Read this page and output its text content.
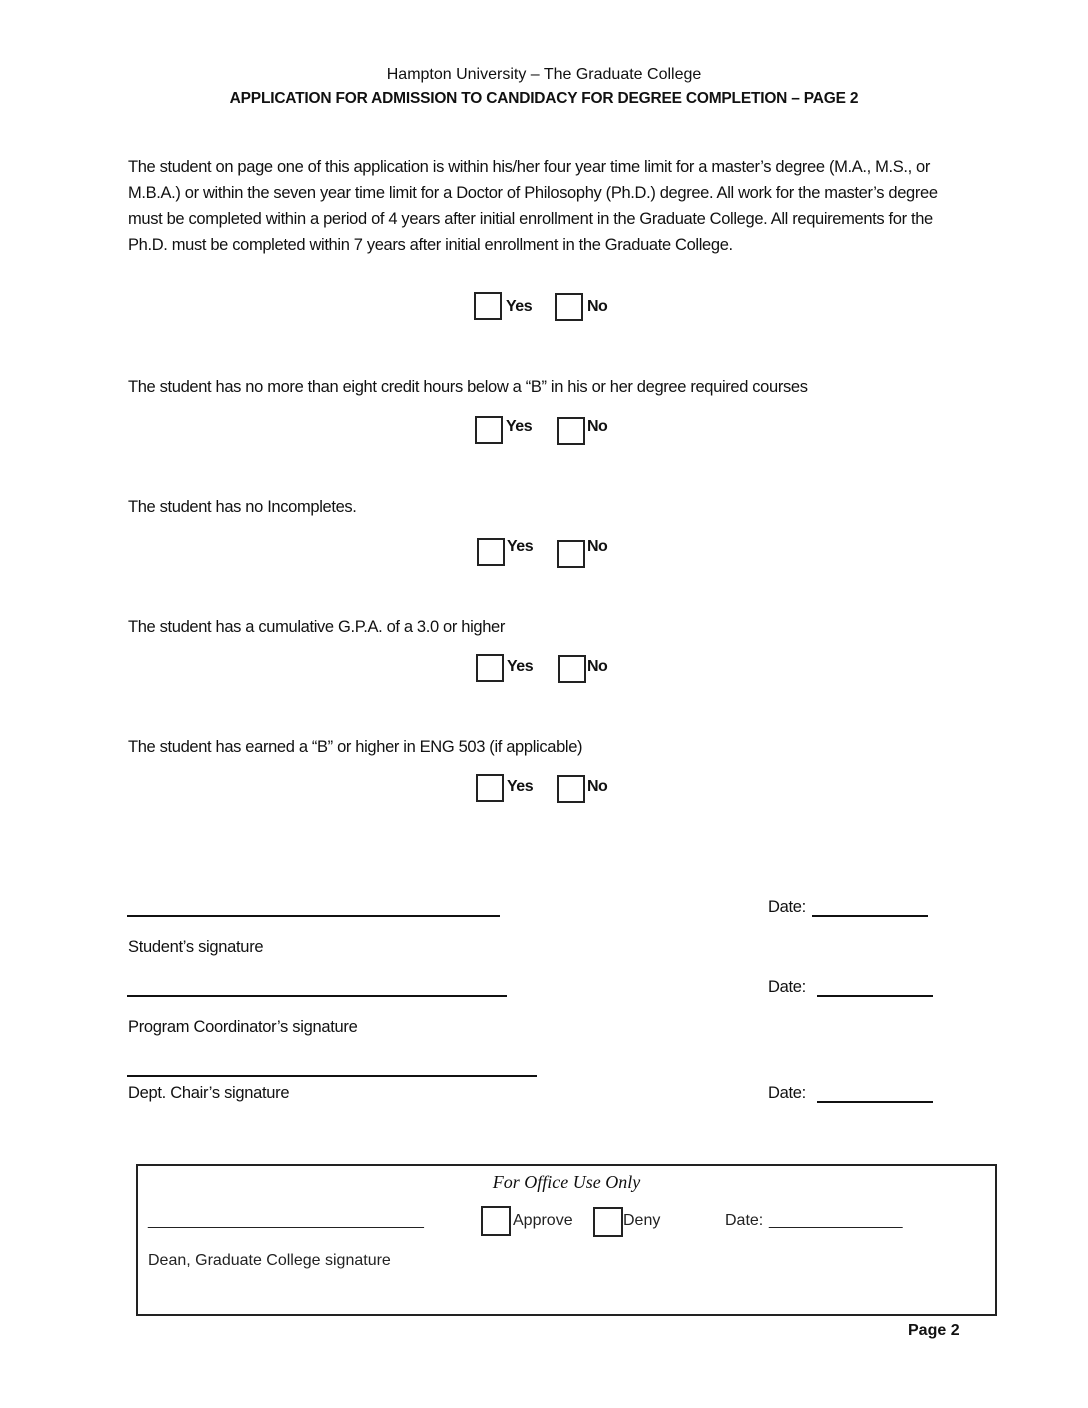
Hampton University – The Graduate College
APPLICATION FOR ADMISSION TO CANDIDACY FOR DEGREE COMPLETION – PAGE 2
The student on page one of this application is within his/her four year time limit for a master’s degree (M.A., M.S., or M.B.A.) or within the seven year time limit for a Doctor of Philosophy (Ph.D.) degree. All work for the master’s degree must be completed within a period of 4 years after initial enrollment in the Graduate College. All requirements for the Ph.D. must be completed within 7 years after initial enrollment in the Graduate College.
Yes	No
The student has no more than eight credit hours below a “B” in his or her degree required courses
Yes	No
The student has no Incompletes.
Yes	No
The student has a cumulative G.P.A. of a 3.0 or higher
Yes	No
The student has earned a “B” or higher in ENG 503 (if applicable)
Yes	No
Date:
Student’s signature
Date:
Program Coordinator’s signature
Dept. Chair’s signature	Date:
For Office Use Only
_______________________________	Approve	Deny	Date: _______________
Dean, Graduate College signature
Page 2
